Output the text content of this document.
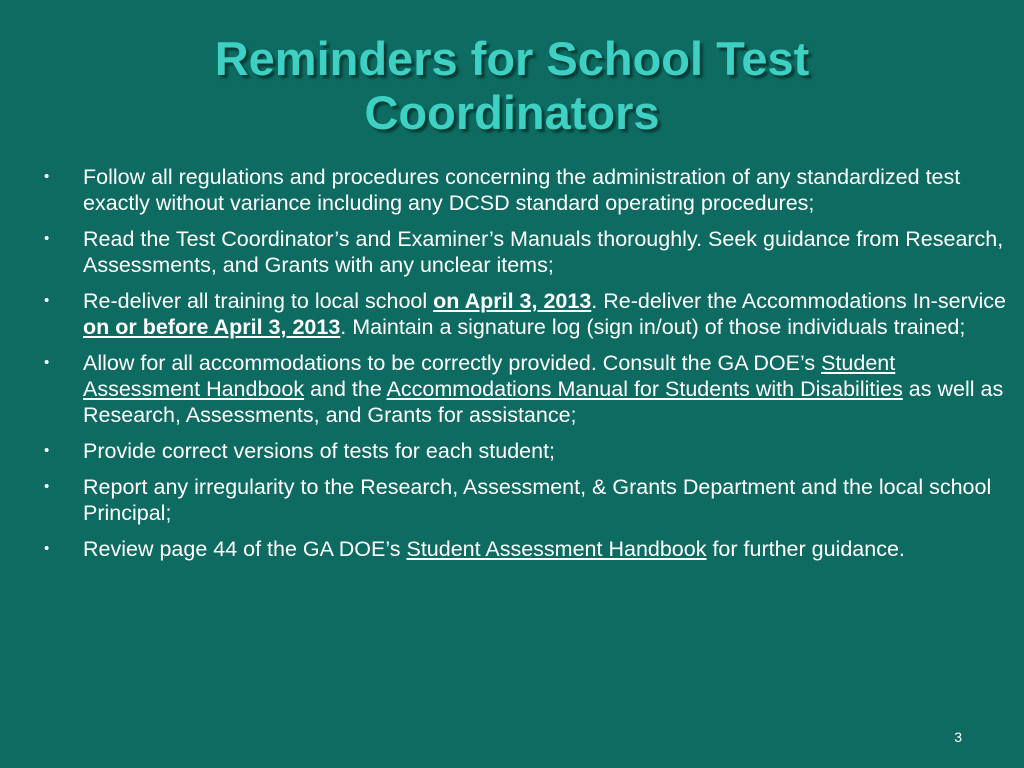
Reminders for School Test
Coordinators
• Follow all regulations and procedures concerning the administration of any standardized test exactly without variance including any DCSD standard operating procedures;
• Read the Test Coordinator’s and Examiner’s Manuals thoroughly. Seek guidance from Research, Assessments, and Grants with any unclear items;
• Re-deliver all training to local school on April 3, 2013. Re-deliver the Accommodations In-service on or before April 3, 2013. Maintain a signature log (sign in/out) of those individuals trained;
• Allow for all accommodations to be correctly provided. Consult the GA DOE’s Student Assessment Handbook and the Accommodations Manual for Students with Disabilities as well as Research, Assessments, and Grants for assistance;
• Provide correct versions of tests for each student;
• Report any irregularity to the Research, Assessment, & Grants Department and the local school Principal;
• Review page 44 of the GA DOE’s Student Assessment Handbook for further guidance.
3
